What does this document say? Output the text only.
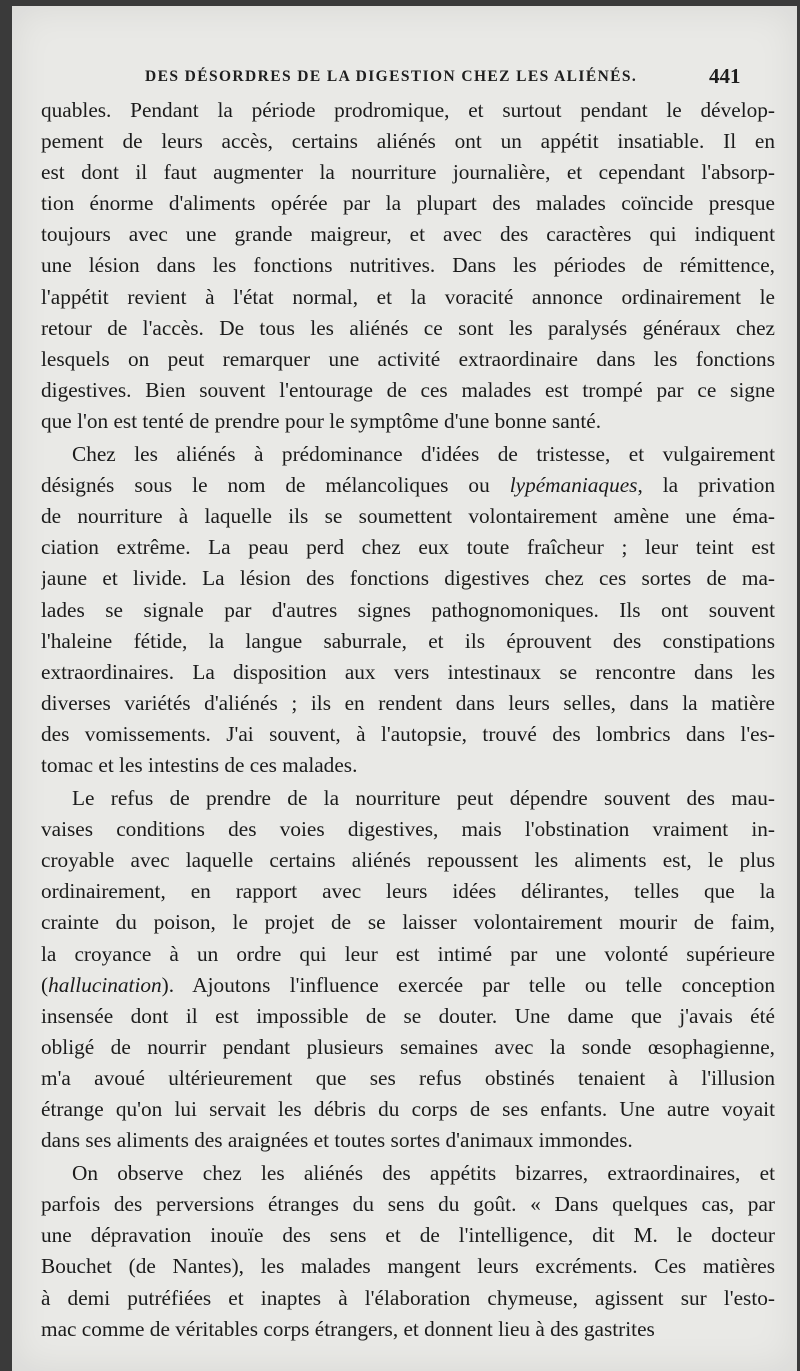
DES DÉSORDRES DE LA DIGESTION CHEZ LES ALIÉNÉS.	441
quables. Pendant la période prodromique, et surtout pendant le dévelop-
pement de leurs accès, certains aliénés ont un appétit insatiable. Il en
est dont il faut augmenter la nourriture journalière, et cependant l'absorp-
tion énorme d'aliments opérée par la plupart des malades coïncide presque
toujours avec une grande maigreur, et avec des caractères qui indiquent
une lésion dans les fonctions nutritives. Dans les périodes de rémittence,
l'appétit revient à l'état normal, et la voracité annonce ordinairement le
retour de l'accès. De tous les aliénés ce sont les paralysés généraux chez
lesquels on peut remarquer une activité extraordinaire dans les fonctions
digestives. Bien souvent l'entourage de ces malades est trompé par ce signe
que l'on est tenté de prendre pour le symptôme d'une bonne santé.
Chez les aliénés à prédominance d'idées de tristesse, et vulgairement
désignés sous le nom de mélancoliques ou lypémaniaques, la privation
de nourriture à laquelle ils se soumettent volontairement amène une éma-
ciation extrême. La peau perd chez eux toute fraîcheur ; leur teint est
jaune et livide. La lésion des fonctions digestives chez ces sortes de ma-
lades se signale par d'autres signes pathognomoniques. Ils ont souvent
l'haleine fétide, la langue saburrale, et ils éprouvent des constipations
extraordinaires. La disposition aux vers intestinaux se rencontre dans les
diverses variétés d'aliénés ; ils en rendent dans leurs selles, dans la matière
des vomissements. J'ai souvent, à l'autopsie, trouvé des lombrics dans l'es-
tomac et les intestins de ces malades.
Le refus de prendre de la nourriture peut dépendre souvent des mau-
vaises conditions des voies digestives, mais l'obstination vraiment in-
croyable avec laquelle certains aliénés repoussent les aliments est, le plus
ordinairement, en rapport avec leurs idées délirantes, telles que la
crainte du poison, le projet de se laisser volontairement mourir de faim,
la croyance à un ordre qui leur est intimé par une volonté supérieure
(hallucination). Ajoutons l'influence exercée par telle ou telle conception
insensée dont il est impossible de se douter. Une dame que j'avais été
obligé de nourrir pendant plusieurs semaines avec la sonde œsophagienne,
m'a avoué ultérieurement que ses refus obstinés tenaient à l'illusion
étrange qu'on lui servait les débris du corps de ses enfants. Une autre voyait
dans ses aliments des araignées et toutes sortes d'animaux immondes.
On observe chez les aliénés des appétits bizarres, extraordinaires, et
parfois des perversions étranges du sens du goût. « Dans quelques cas, par
une dépravation inouïe des sens et de l'intelligence, dit M. le docteur
Bouchet (de Nantes), les malades mangent leurs excréments. Ces matières
à demi putréfiées et inaptes à l'élaboration chymeuse, agissent sur l'esto-
mac comme de véritables corps étrangers, et donnent lieu à des gastrites
